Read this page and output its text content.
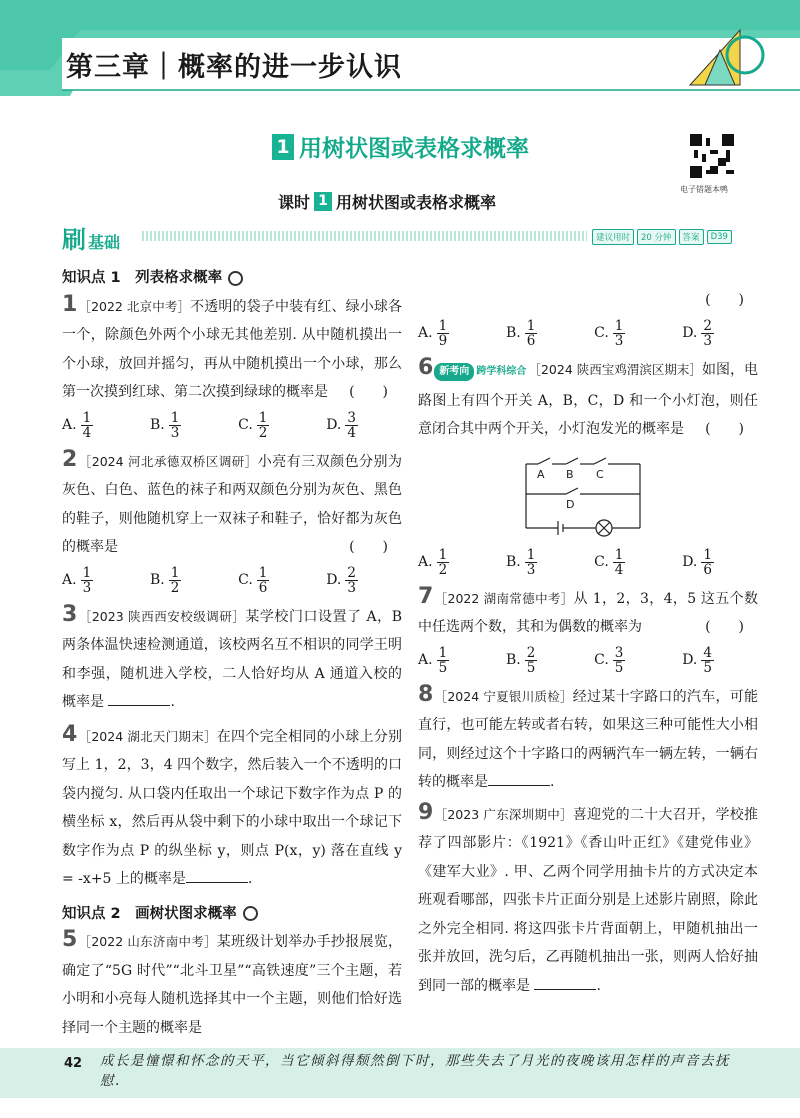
第三章｜概率的进一步认识
1 用树状图或表格求概率
电子错题本鸭
课时 1 用树状图或表格求概率
刷基础	建议用时	20 分钟	答案	D39
知识点 1　列表格求概率
1［2022 北京中考］不透明的袋子中装有红、绿小球各一个，除颜色外两个小球无其他差别. 从中随机摸出一个小球，放回并摇匀，再从中随机摸出一个小球，那么第一次摸到红球、第二次摸到绿球的概率是 (　　)
A. $\frac{1}{4}$	B. $\frac{1}{3}$	C. $\frac{1}{2}$	D. $\frac{3}{4}$
2［2024 河北承德双桥区调研］小亮有三双颜色分别为灰色、白色、蓝色的袜子和两双颜色分别为灰色、黑色的鞋子，则他随机穿上一双袜子和鞋子，恰好都为灰色的概率是	(　　)
A. $\frac{1}{3}$	B. $\frac{1}{2}$	C. $\frac{1}{6}$	D. $\frac{2}{3}$
3［2023 陕西西安校级调研］某学校门口设置了 A，B 两条体温快速检测通道，该校两名互不相识的同学王明和李强，随机进入学校，二人恰好均从 A 通道入校的概率是	.
4［2024 湖北天门期末］在四个完全相同的小球上分别写上 1，2，3，4 四个数字，然后装入一个不透明的口袋内搅匀. 从口袋内任取出一个球记下数字作为点 P 的横坐标 x，然后再从袋中剩下的小球中取出一个球记下数字作为点 P 的纵坐标 y，则点 P(x，y) 落在直线 y = -x+5 上的概率是	.
知识点 2　画树状图求概率
5［2022 山东济南中考］某班级计划举办手抄报展览，确定了“5G 时代”“北斗卫星”“高铁速度”三个主题，若小明和小亮每人随机选择其中一个主题，则他们恰好选择同一个主题的概率是
(　　)
A. $\frac{1}{9}$	B. $\frac{1}{6}$	C. $\frac{1}{3}$	D. $\frac{2}{3}$
6 新考向 跨学科综合 ［2024 陕西宝鸡渭滨区期末］如图，电路图上有四个开关 A，B，C，D 和一个小灯泡，则任意闭合其中两个开关，小灯泡发光的概率是 (　　)
A B C
D
A. $\frac{1}{2}$	B. $\frac{1}{3}$	C. $\frac{1}{4}$	D. $\frac{1}{6}$
7［2022 湖南常德中考］从 1，2，3，4，5 这五个数中任选两个数，其和为偶数的概率为	(　　)
A. $\frac{1}{5}$	B. $\frac{2}{5}$	C. $\frac{3}{5}$	D. $\frac{4}{5}$
8［2024 宁夏银川质检］经过某十字路口的汽车，可能直行，也可能左转或者右转，如果这三种可能性大小相同，则经过这个十字路口的两辆汽车一辆左转，一辆右转的概率是	.
9［2023 广东深圳期中］喜迎党的二十大召开，学校推荐了四部影片：《1921》《香山叶正红》《建党伟业》《建军大业》. 甲、乙两个同学用抽卡片的方式决定本班观看哪部，四张卡片正面分别是上述影片剧照，除此之外完全相同. 将这四张卡片背面朝上，甲随机抽出一张并放回，洗匀后，乙再随机抽出一张，则两人恰好抽到同一部的概率是	.
42 成长是憧憬和怀念的天平，当它倾斜得颓然倒下时，那些失去了月光的夜晚该用怎样的声音去抚慰.
